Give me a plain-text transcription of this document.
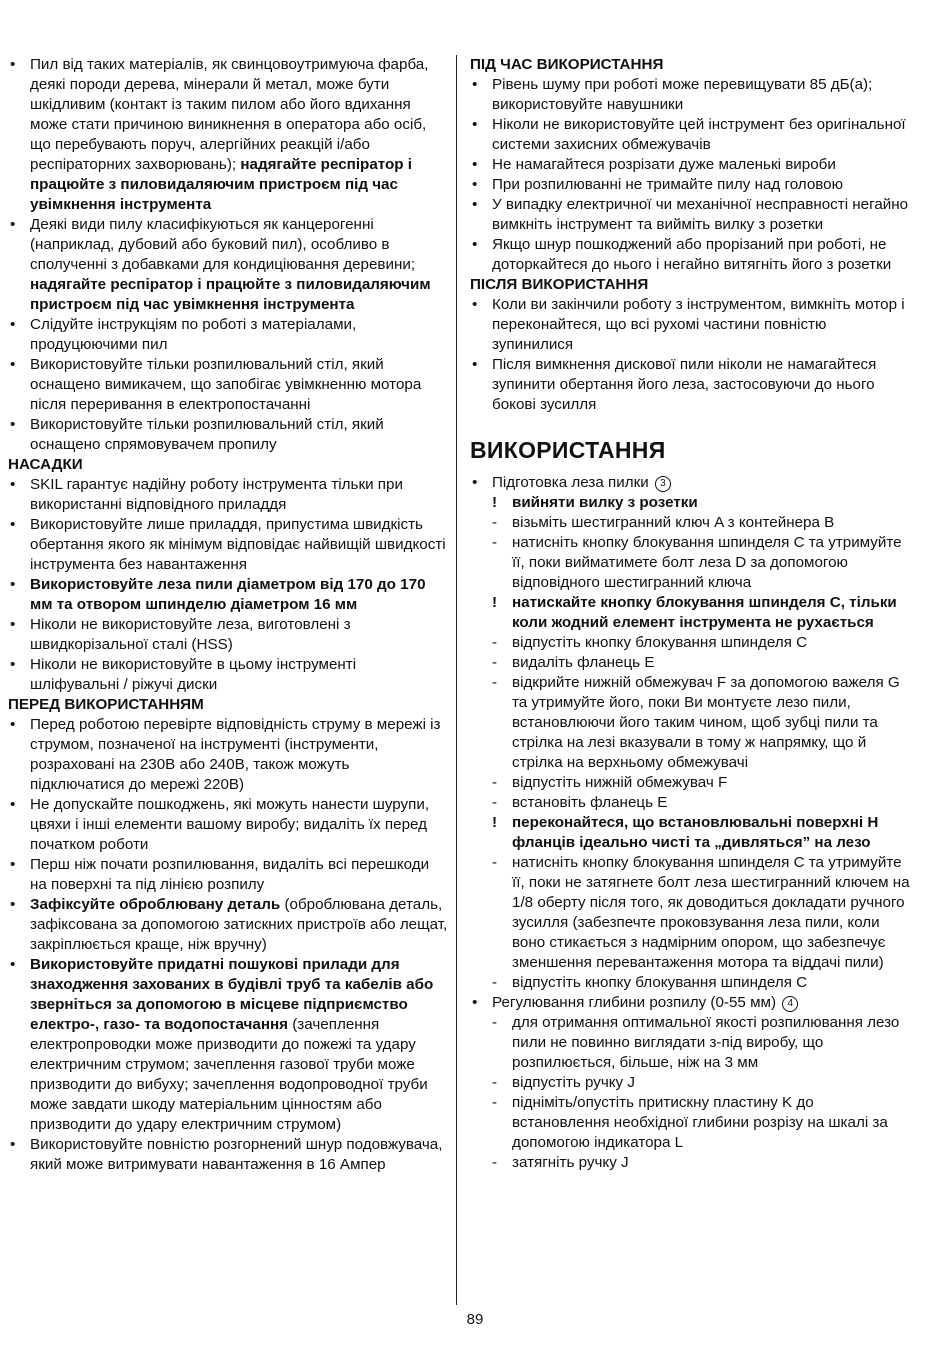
• Пил від таких матеріалів, як свинцовоутримуюча фарба, деякі породи дерева, мінерали й метал, може бути шкідливим (контакт із таким пилом або його вдихання може стати причиною виникнення в оператора або осіб, що перебувають поруч, алергійних реакцій і/або респіраторних захворювань); надягайте респіратор і працюйте з пиловидаляючим пристроєм під час увімкнення інструмента
• Деякі види пилу класифікуються як канцерогенні (наприклад, дубовий або буковий пил), особливо в сполученні з добавками для кондиціювання деревини; надягайте респіратор і працюйте з пиловидаляючим пристроєм під час увімкнення інструмента
• Слідуйте інструкціям по роботі з матеріалами, продуцюючими пил
• Використовуйте тільки розпилювальний стіл, який оснащено вимикачем, що запобігає увімкненню мотора після переривання в електропостачанні
• Використовуйте тільки розпилювальний стіл, який оснащено спрямовувачем пропилу
НАСАДКИ
• SKIL гарантує надійну роботу інструмента тільки при використанні відповідного приладдя
• Використовуйте лише приладдя, припустима швидкість обертання якого як мінімум відповідає найвищій швидкості інструмента без навантаження
• Використовуйте леза пили діаметром від 170 до 170 мм та отвором шпинделю діаметром 16 мм
• Ніколи не використовуйте леза, виготовлені з швидкорізальної сталі (HSS)
• Ніколи не використовуйте в цьому інструменті шліфувальні / ріжучі диски
ПЕРЕД ВИКОРИСТАННЯМ
• Перед роботою перевірте відповідність струму в мережі із струмом, позначеної на інструменті (інструменти, розраховані на 230В або 240В, також можуть підключатися до мережі 220В)
• Не допускайте пошкоджень, які можуть нанести шурупи, цвяхи і інші елементи вашому виробу; видаліть їх перед початком роботи
• Перш ніж почати розпилювання, видаліть всі перешкоди на поверхні та під лінією розпилу
• Зафіксуйте оброблювану деталь (оброблювана деталь, зафіксована за допомогою затискних пристроїв або лещат, закріплюється краще, ніж вручну)
• Використовуйте придатні пошукові прилади для знаходження захованих в будівлі труб та кабелів або зверніться за допомогою в місцеве підприємство електро-, газо- та водопостачання (зачеплення електропроводки може призводити до пожежі та удару електричним струмом; зачеплення газової труби може призводити до вибуху; зачеплення водопроводної труби може завдати шкоду матеріальним цінностям або призводити до удару електричним струмом)
• Використовуйте повністю розгорнений шнур подовжувача, який може витримувати навантаження в 16 Ампер
ПІД ЧАС ВИКОРИСТАННЯ
• Рівень шуму при роботі може перевищувати 85 дБ(а); використовуйте навушники
• Ніколи не використовуйте цей інструмент без оригінальної системи захисних обмежувачів
• Не намагайтеся розрізати дуже маленькі вироби
• При розпилюванні не тримайте пилу над головою
• У випадку електричної чи механічної несправності негайно вимкніть інструмент та вийміть вилку з розетки
• Якщо шнур пошкоджений або прорізаний при роботі, не доторкайтеся до нього і негайно витягніть його з розетки
ПІСЛЯ ВИКОРИСТАННЯ
• Коли ви закінчили роботу з інструментом, вимкніть мотор і переконайтеся, що всі рухомі частини повністю зупинилися
• Після вимкнення дискової пили ніколи не намагайтеся зупинити обертання його леза, застосовуючи до нього бокові зусилля
ВИКОРИСТАННЯ
• Підготовка леза пилки 3
! вийняти вилку з розетки
- візьміть шестигранний ключ A з контейнера B
- натисніть кнопку блокування шпинделя C та утримуйте її, поки вийматимете болт леза D за допомогою відповідного шестигранний ключа
! натискайте кнопку блокування шпинделя C, тільки коли жодний елемент інструмента не рухається
- відпустіть кнопку блокування шпинделя C
- видаліть фланець E
- відкрийте нижній обмежувач F за допомогою важеля G та утримуйте його, поки Ви монтуєте лезо пили, встановлюючи його таким чином, щоб зубці пили та стрілка на лезі вказували в тому ж напрямку, що й стрілка на верхньому обмежувачі
- відпустіть нижній обмежувач F
- встановіть фланець E
! переконайтеся, що встановлювальні поверхні H фланців ідеально чисті та „дивляться” на лезо
- натисніть кнопку блокування шпинделя C та утримуйте її, поки не затягнете болт леза шестигранний ключем на 1/8 оберту після того, як доводиться докладати ручного зусилля (забезпечте проковзування леза пили, коли воно стикається з надмірним опором, що забезпечує зменшення перевантаження мотора та віддачі пили)
- відпустіть кнопку блокування шпинделя C
• Регулювання глибини розпилу (0-55 мм) 4
- для отримання оптимальної якості розпилювання лезо пили не повинно виглядати з-під виробу, що розпилюється, більше, ніж на 3 мм
- відпустіть ручку J
- підніміть/опустіть притискну пластину K до встановлення необхідної глибини розрізу на шкалі за допомогою індикатора L
- затягніть ручку J
89
